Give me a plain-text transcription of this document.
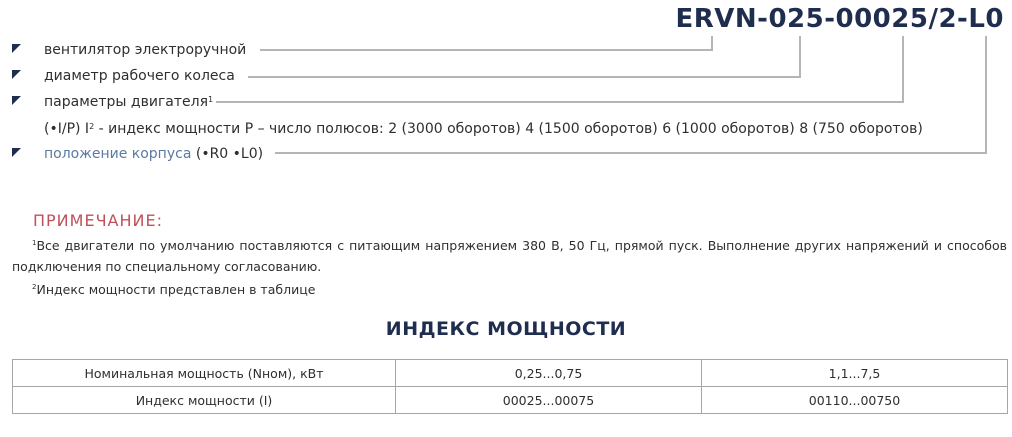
ERVN-025-00025/2-L0
вентилятор электроручной
диаметр рабочего колеса
параметры двигателя$^1$
(•I/P) $I^2$ - индекс мощности P – число полюсов: 2 (3000 оборотов) 4 (1500 оборотов) 6 (1000 оборотов) 8 (750 оборотов)
положение корпуса (•R0 •L0)
ПРИМЕЧАНИЕ:
$^1$Все двигатели по умолчанию поставляются с питающим напряжением 380 В, 50 Гц, прямой пуск. Выполнение других напряжений и способов подключения по специальному согласованию.
$^2$Индекс мощности представлен в таблице
ИНДЕКС МОЩНОСТИ
Номинальная мощность (Nном), кВт	0,25...0,75	1,1...7,5
Индекс мощности (I)	00025...00075	00110...00750
